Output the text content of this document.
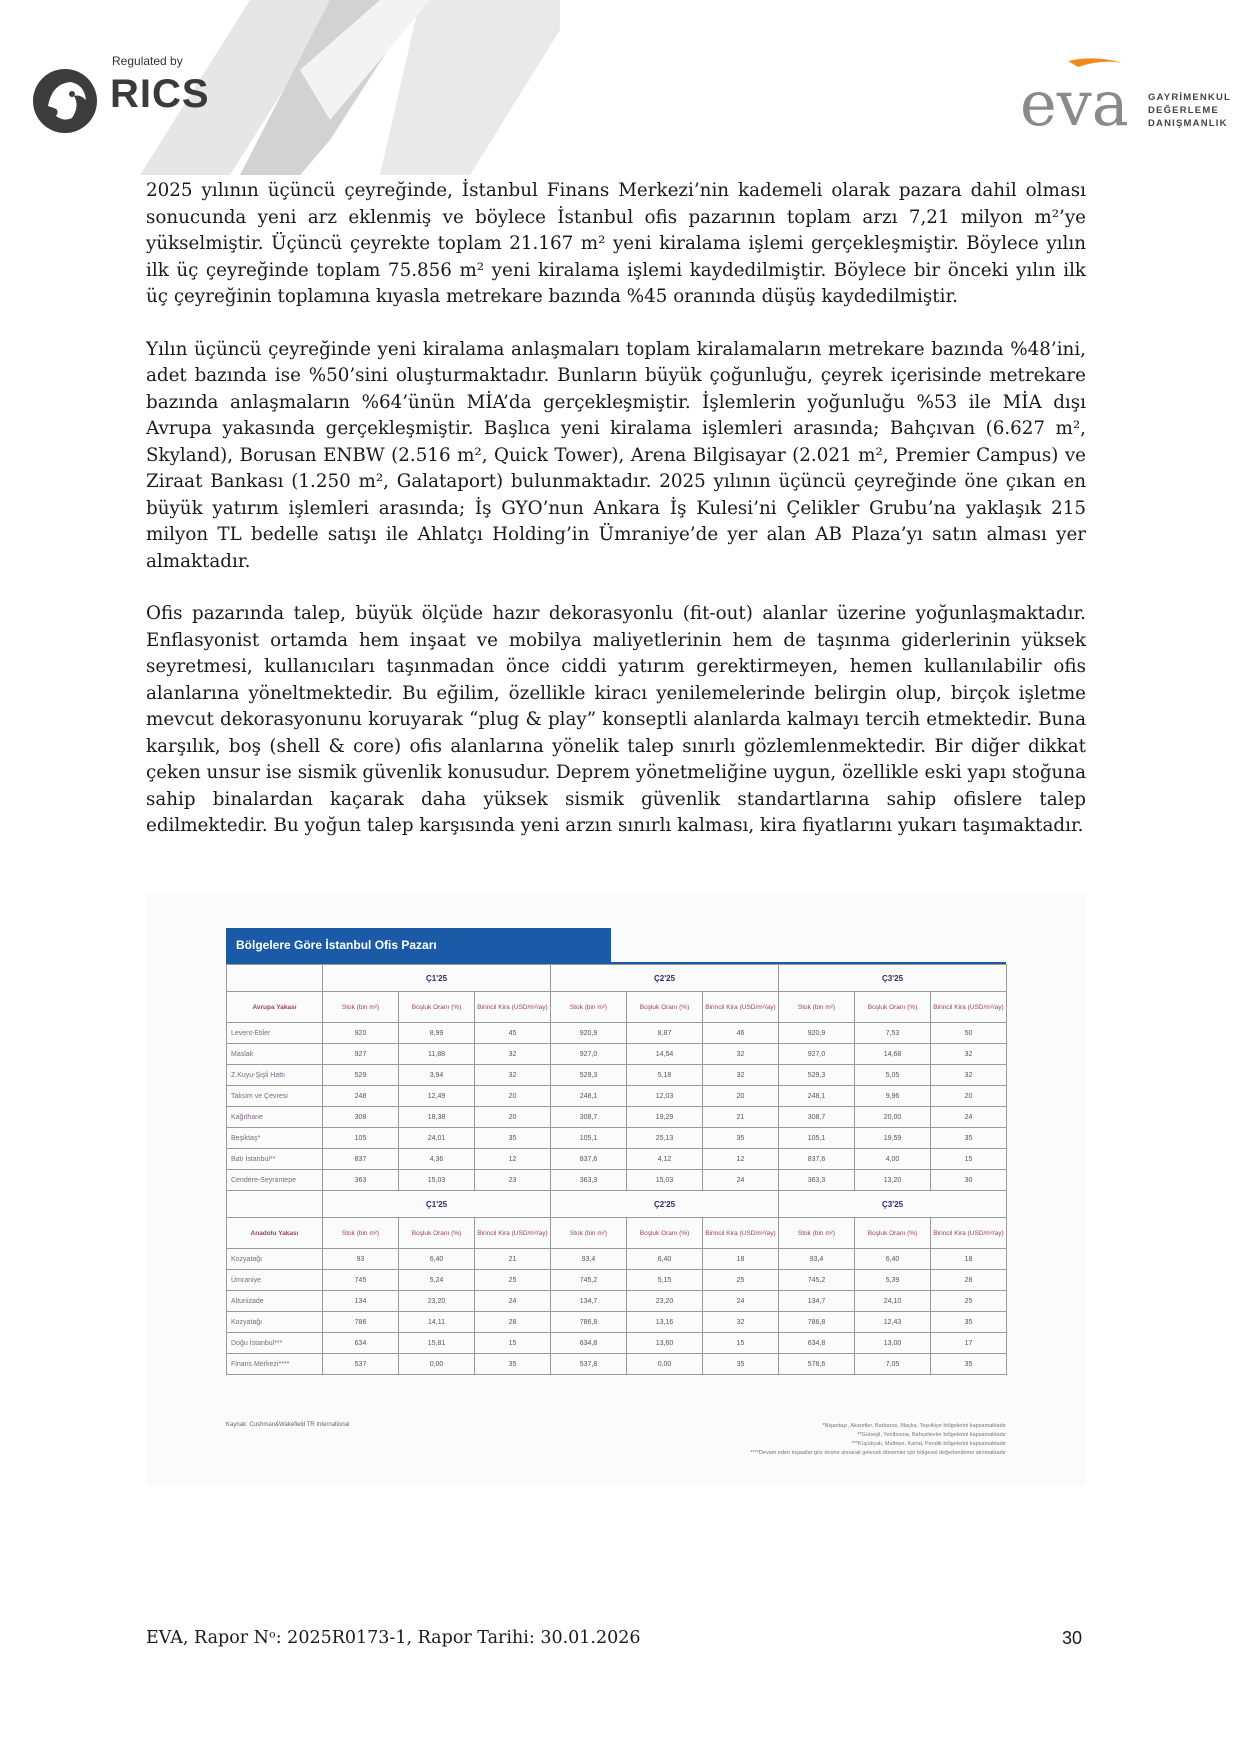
Regulated by
RICS	eva GAYRİMENKUL
DEĞERLEME
DANIŞMANLIK

2025 yılının üçüncü çeyreğinde, İstanbul Finans Merkezi’nin kademeli olarak pazara dahil olması sonucunda yeni arz eklenmiş ve böylece İstanbul ofis pazarının toplam arzı 7,21 milyon m²’ye yükselmiştir. Üçüncü çeyrekte toplam 21.167 m² yeni kiralama işlemi gerçekleşmiştir. Böylece yılın ilk üç çeyreğinde toplam 75.856 m² yeni kiralama işlemi kaydedilmiştir. Böylece bir önceki yılın ilk üç çeyreğinin toplamına kıyasla metrekare bazında %45 oranında düşüş kaydedilmiştir.

Yılın üçüncü çeyreğinde yeni kiralama anlaşmaları toplam kiralamaların metrekare bazında %48’ini, adet bazında ise %50’sini oluşturmaktadır. Bunların büyük çoğunluğu, çeyrek içerisinde metrekare bazında anlaşmaların %64’ünün MİA’da gerçekleşmiştir. İşlemlerin yoğunluğu %53 ile MİA dışı Avrupa yakasında gerçekleşmiştir. Başlıca yeni kiralama işlemleri arasında; Bahçıvan (6.627 m², Skyland), Borusan ENBW (2.516 m², Quick Tower), Arena Bilgisayar (2.021 m², Premier Campus) ve Ziraat Bankası (1.250 m², Galataport) bulunmaktadır. 2025 yılının üçüncü çeyreğinde öne çıkan en büyük yatırım işlemleri arasında; İş GYO’nun Ankara İş Kulesi’ni Çelikler Grubu’na yaklaşık 215 milyon TL bedelle satışı ile Ahlatçı Holding’in Ümraniye’de yer alan AB Plaza’yı satın alması yer almaktadır.

Ofis pazarında talep, büyük ölçüde hazır dekorasyonlu (fit-out) alanlar üzerine yoğunlaşmaktadır. Enflasyonist ortamda hem inşaat ve mobilya maliyetlerinin hem de taşınma giderlerinin yüksek seyretmesi, kullanıcıları taşınmadan önce ciddi yatırım gerektirmeyen, hemen kullanılabilir ofis alanlarına yöneltmektedir. Bu eğilim, özellikle kiracı yenilemelerinde belirgin olup, birçok işletme mevcut dekorasyonunu koruyarak “plug & play” konseptli alanlarda kalmayı tercih etmektedir. Buna karşılık, boş (shell & core) ofis alanlarına yönelik talep sınırlı gözlemlenmektedir. Bir diğer dikkat çeken unsur ise sismik güvenlik konusudur. Deprem yönetmeliğine uygun, özellikle eski yapı stoğuna sahip binalardan kaçarak daha yüksek sismik güvenlik standartlarına sahip ofislere talep edilmektedir. Bu yoğun talep karşısında yeni arzın sınırlı kalması, kira fiyatlarını yukarı taşımaktadır.

Bölgelere Göre İstanbul Ofis Pazarı
	Ç1'25			Ç2'25			Ç3'25		
Avrupa Yakası	Stok (bin m²)	Boşluk Oranı (%)	Birincil Kira (USD/m²/ay)	Stok (bin m²)	Boşluk Oranı (%)	Birincil Kira (USD/m²/ay)	Stok (bin m²)	Boşluk Oranı (%)	Birincil Kira (USD/m²/ay)
Levent-Etiler	920	8,99	45	920,9	8,87	46	920,9	7,53	50
Maslak	927	11,88	32	927,0	14,54	32	927,0	14,68	32
Z.Kuyu-Şişli Hattı	529	3,94	32	529,3	5,18	32	529,3	5,05	32
Taksim ve Çevresi	248	12,49	20	248,1	12,03	20	248,1	9,96	20
Kağıthane	308	18,38	20	308,7	19,29	21	308,7	20,00	24
Beşiktaş*	105	24,01	35	105,1	25,13	35	105,1	19,59	35
Batı İstanbul**	837	4,36	12	837,6	4,12	12	837,6	4,00	15
Cendere-Seyrantepe	363	15,03	23	363,3	15,03	24	363,3	13,20	30
	Ç1'25			Ç2'25			Ç3'25		
Anadolu Yakası	Stok (bin m²)	Boşluk Oranı (%)	Birincil Kira (USD/m²/ay)	Stok (bin m²)	Boşluk Oranı (%)	Birincil Kira (USD/m²/ay)	Stok (bin m²)	Boşluk Oranı (%)	Birincil Kira (USD/m²/ay)
Kozyatağı	93	6,40	21	93,4	6,40	18	93,4	6,40	18
Ümraniye	745	5,24	25	745,2	5,15	25	745,2	5,39	28
Altunizade	134	23,20	24	134,7	23,20	24	134,7	24,10	25
Kozyatağı	786	14,11	28	786,8	13,16	32	786,8	12,43	35
Doğu İstanbul***	634	15,81	15	634,8	13,60	15	634,8	13,00	17
Finans Merkezi****	537	0,00	35	537,8	0,00	35	578,6	7,05	35
Kaynak: Cushman&Wakefield TR International	*Nişantaşı, Akaretler, Barbaros, Maçka, Teşvikiye bölgelerini kapsamaktadır
**Güneşli, Yenibosna, Bahçelievler bölgelerini kapsamaktadır
***Küçükyalı, Maltepe, Kartal, Pendik bölgelerini kapsamaktadır
****Devam eden inşaatlar göz önüne alınarak gelecek dönemler için bölgesel değerlendirme alınmaktadır
EVA, Rapor Nᵒ: 2025R0173-1, Rapor Tarihi: 30.01.2026	30
